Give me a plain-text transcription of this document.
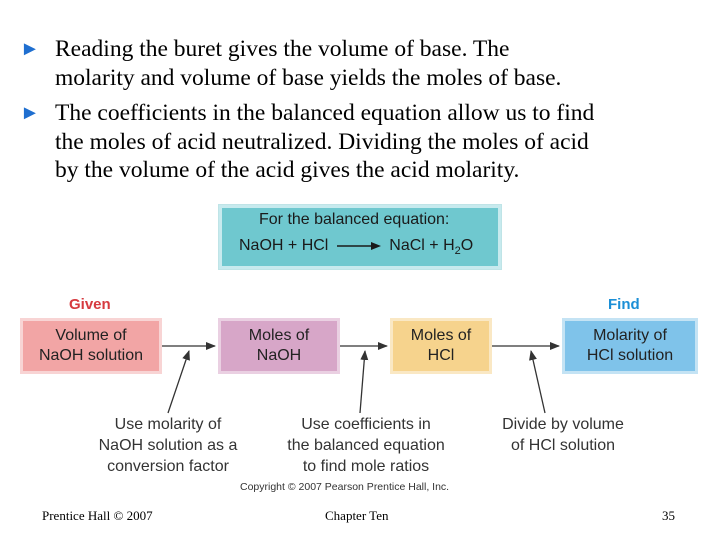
► Reading the buret gives the volume of base. The
molarity and volume of base yields the moles of base.
► The coefficients in the balanced equation allow us to find
the moles of acid neutralized. Dividing the moles of acid
by the volume of the acid gives the acid molarity.
For the balanced equation:
NaOH + HCl → NaCl + $H_2O$
Given	Find
Volume of
NaOH solution
Moles of
NaOH
Moles of
HCl
Molarity of
HCl solution
Use molarity of
NaOH solution as a
conversion factor
Use coefficients in
the balanced equation
to find mole ratios
Divide by volume
of HCl solution
Copyright © 2007 Pearson Prentice Hall, Inc.
Prentice Hall © 2007	Chapter Ten	35
